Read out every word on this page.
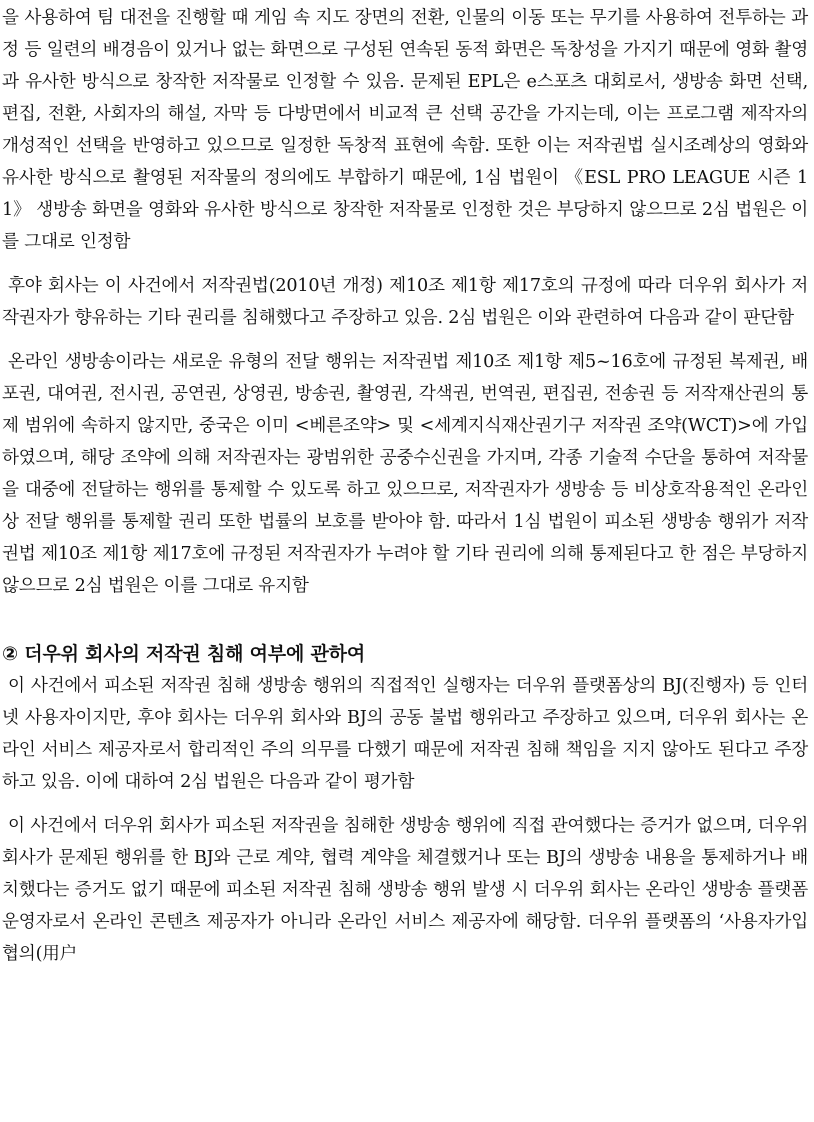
을 사용하여 팀 대전을 진행할 때 게임 속 지도 장면의 전환, 인물의 이동 또는 무기를 사용하여 전투하는 과정 등 일련의 배경음이 있거나 없는 화면으로 구성된 연속된 동적 화면은 독창성을 가지기 때문에 영화 촬영과 유사한 방식으로 창작한 저작물로 인정할 수 있음. 문제된 EPL은 e스포츠 대회로서, 생방송 화면 선택, 편집, 전환, 사회자의 해설, 자막 등 다방면에서 비교적 큰 선택 공간을 가지는데, 이는 프로그램 제작자의 개성적인 선택을 반영하고 있으므로 일정한 독창적 표현에 속함. 또한 이는 저작권법 실시조례상의 영화와 유사한 방식으로 촬영된 저작물의 정의에도 부합하기 때문에, 1심 법원이 《ESL PRO LEAGUE 시즌 11》 생방송 화면을 영화와 유사한 방식으로 창작한 저작물로 인정한 것은 부당하지 않으므로 2심 법원은 이를 그대로 인정함

후야 회사는 이 사건에서 저작권법(2010년 개정) 제10조 제1항 제17호의 규정에 따라 더우위 회사가 저작권자가 향유하는 기타 권리를 침해했다고 주장하고 있음. 2심 법원은 이와 관련하여 다음과 같이 판단함

온라인 생방송이라는 새로운 유형의 전달 행위는 저작권법 제10조 제1항 제5~16호에 규정된 복제권, 배포권, 대여권, 전시권, 공연권, 상영권, 방송권, 촬영권, 각색권, 번역권, 편집권, 전송권 등 저작재산권의 통제 범위에 속하지 않지만, 중국은 이미 <베른조약> 및 <세계지식재산권기구 저작권 조약(WCT)>에 가입하였으며, 해당 조약에 의해 저작권자는 광범위한 공중수신권을 가지며, 각종 기술적 수단을 통하여 저작물을 대중에 전달하는 행위를 통제할 수 있도록 하고 있으므로, 저작권자가 생방송 등 비상호작용적인 온라인상 전달 행위를 통제할 권리 또한 법률의 보호를 받아야 함. 따라서 1심 법원이 피소된 생방송 행위가 저작권법 제10조 제1항 제17호에 규정된 저작권자가 누려야 할 기타 권리에 의해 통제된다고 한 점은 부당하지 않으므로 2심 법원은 이를 그대로 유지함

② 더우위 회사의 저작권 침해 여부에 관하여

이 사건에서 피소된 저작권 침해 생방송 행위의 직접적인 실행자는 더우위 플랫폼상의 BJ(진행자) 등 인터넷 사용자이지만, 후야 회사는 더우위 회사와 BJ의 공동 불법 행위라고 주장하고 있으며, 더우위 회사는 온라인 서비스 제공자로서 합리적인 주의 의무를 다했기 때문에 저작권 침해 책임을 지지 않아도 된다고 주장하고 있음. 이에 대하여 2심 법원은 다음과 같이 평가함

이 사건에서 더우위 회사가 피소된 저작권을 침해한 생방송 행위에 직접 관여했다는 증거가 없으며, 더우위 회사가 문제된 행위를 한 BJ와 근로 계약, 협력 계약을 체결했거나 또는 BJ의 생방송 내용을 통제하거나 배치했다는 증거도 없기 때문에 피소된 저작권 침해 생방송 행위 발생 시 더우위 회사는 온라인 생방송 플랫폼 운영자로서 온라인 콘텐츠 제공자가 아니라 온라인 서비스 제공자에 해당함. 더우위 플랫폼의 ‘사용자가입협의(用户
